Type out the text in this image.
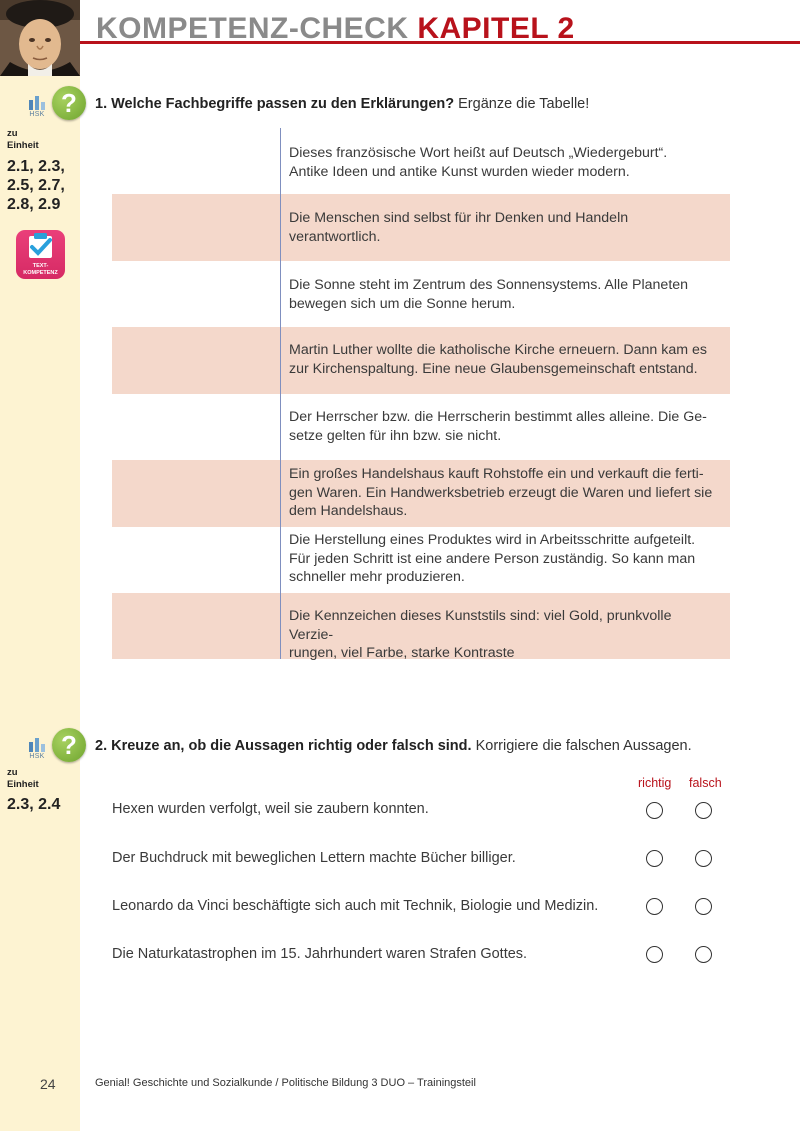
KOMPETENZ-CHECK KAPITEL 2
HSK ?
zu
Einheit
2.1, 2.3,
2.5, 2.7,
2.8, 2.9
TEXT-
KOMPETENZ
1. Welche Fachbegriffe passen zu den Erklärungen? Ergänze die Tabelle!
Dieses französische Wort heißt auf Deutsch „Wiedergeburt“.
Antike Ideen und antike Kunst wurden wieder modern.
Die Menschen sind selbst für ihr Denken und Handeln
verantwortlich.
Die Sonne steht im Zentrum des Sonnensystems. Alle Planeten
bewegen sich um die Sonne herum.
Martin Luther wollte die katholische Kirche erneuern. Dann kam es
zur Kirchenspaltung. Eine neue Glaubensgemeinschaft entstand.
Der Herrscher bzw. die Herrscherin bestimmt alles alleine. Die Ge-
setze gelten für ihn bzw. sie nicht.
Ein großes Handelshaus kauft Rohstoffe ein und verkauft die ferti-
gen Waren. Ein Handwerksbetrieb erzeugt die Waren und liefert sie
dem Handelshaus.
Die Herstellung eines Produktes wird in Arbeitsschritte aufgeteilt.
Für jeden Schritt ist eine andere Person zuständig. So kann man
schneller mehr produzieren.
Die Kennzeichen dieses Kunststils sind: viel Gold, prunkvolle Verzie-
rungen, viel Farbe, starke Kontraste
HSK ?
zu
Einheit
2.3, 2.4
2. Kreuze an, ob die Aussagen richtig oder falsch sind. Korrigiere die falschen Aussagen.
richtig falsch
Hexen wurden verfolgt, weil sie zaubern konnten.
Der Buchdruck mit beweglichen Lettern machte Bücher billiger.
Leonardo da Vinci beschäftigte sich auch mit Technik, Biologie und Medizin.
Die Naturkatastrophen im 15. Jahrhundert waren Strafen Gottes.
24	Genial! Geschichte und Sozialkunde / Politische Bildung 3 DUO – Trainingsteil
